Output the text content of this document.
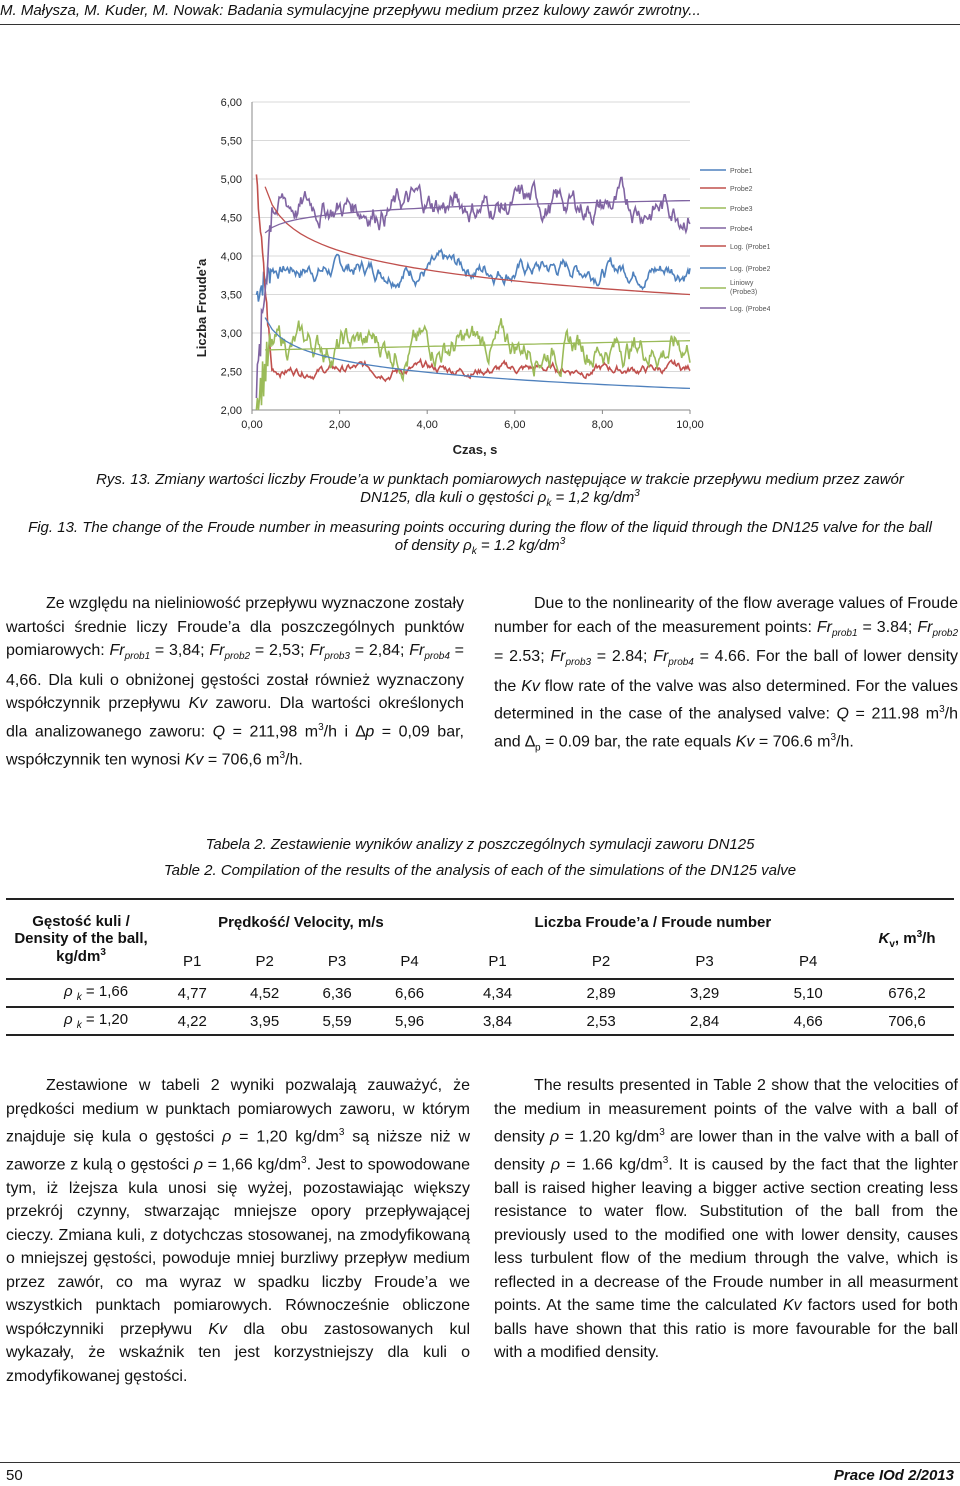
M. Małysza, M. Kuder, M. Nowak: Badania symulacyjne przepływu medium przez kulowy zawór zwrotny...
2,00
2,50
3,00
3,50
4,00
4,50
5,00
5,50
6,00
0,00	2,00	4,00	6,00	8,00	10,00
Probe1
Probe2
Probe3
Probe4
Log. (Probe1)
Log. (Probe2)
Liniowy
(Probe3)
Log. (Probe4)
Liczba Froude'a
Czas, s
Rys. 13. Zmiany wartości liczby Froude’a w punktach pomiarowych następujące w trakcie przepływu medium przez zawór DN125, dla kuli o gęstości $\rho_k = 1,2$ $kg/dm^3$
Fig. 13. The change of the Froude number in measuring points occuring during the flow of the liquid through the DN125 valve for the ball of density $\rho_k = 1.2$ $kg/dm^3$

Ze względu na nieliniowość przepływu wyznaczone zostały wartości średnie liczy Froude’a dla poszczególnych punktów pomiarowych: $Fr_{prob1} = 3,84$; $Fr_{prob2} = 2,53$; $Fr_{prob3} = 2,84$; $Fr_{prob4} = 4,66$. Dla kuli o obniżonej gęstości został również wyznaczony współczynnik przepływu Kv zaworu. Dla wartości określonych dla analizowanego zaworu: Q = 211,98 $m^3/h$ i ∆p = 0,09 bar, współczynnik ten wynosi Kv = 706,6 $m^3/h$.

Due to the nonlinearity of the flow average values of Froude number for each of the measurement points: $Fr_{prob1} = 3.84$; $Fr_{prob2} = 2.53$; $Fr_{prob3} = 2.84$; $Fr_{prob4} = 4.66$. For the ball of lower density the Kv flow rate of the valve was also determined. For the values determined in the case of the analysed valve: Q = 211.98 $m^3/h$ and $\Delta_p = 0.09$ bar, the rate equals Kv = 706.6 $m^3/h$.

Tabela 2. Zestawienie wyników analizy z poszczególnych symulacji zaworu DN125
Table 2. Compilation of the results of the analysis of each of the simulations of the DN125 valve
Gęstość kuli / Density of the ball, $kg/dm^3$	Prędkość/ Velocity, m/s				Liczba Froude’a / Froude number				$K_v$, $m^3/h$
	P1	P2	P3	P4	P1	P2	P3	P4	
ρ $_k$ = 1,66	4,77	4,52	6,36	6,66	4,34	2,89	3,29	5,10	676,2
ρ $_k$ = 1,20	4,22	3,95	5,59	5,96	3,84	2,53	2,84	4,66	706,6

Zestawione w tabeli 2 wyniki pozwalają zauważyć, że prędkości medium w punktach pomiarowych zaworu, w którym znajduje się kula o gęstości ρ = 1,20 $kg/dm^3$ są niższe niż w zaworze z kulą o gęstości ρ = 1,66 $kg/dm^3$. Jest to spowodowane tym, iż lżejsza kula unosi się wyżej, pozostawiając większy przekrój czynny, stwarzając mniejsze opory przepływającej cieczy. Zmiana kuli, z dotychczas stosowanej, na zmodyfikowaną o mniejszej gęstości, powoduje mniej burzliwy przepływ medium przez zawór, co ma wyraz w spadku liczby Froude’a we wszystkich punktach pomiarowych. Równocześnie obliczone współczynniki przepływu Kv dla obu zastosowanych kul wykazały, że wskaźnik ten jest korzystniejszy dla kuli o zmodyfikowanej gęstości.

The results presented in Table 2 show that the velocities of the medium in measurement points of the valve with a ball of density ρ = 1.20 $kg/dm^3$ are lower than in the valve with a ball of density ρ = 1.66 $kg/dm^3$. It is caused by the fact that the lighter ball is raised higher leaving a bigger active section creating less resistance to water flow. Substitution of the ball from the previously used to the modified one with lower density, causes less turbulent flow of the medium through the valve, which is reflected in a decrease of the Froude number in all measurment points. At the same time the calculated Kv factors used for both balls have shown that this ratio is more favourable for the ball with a modified density.

50	Prace IOd 2/2013
